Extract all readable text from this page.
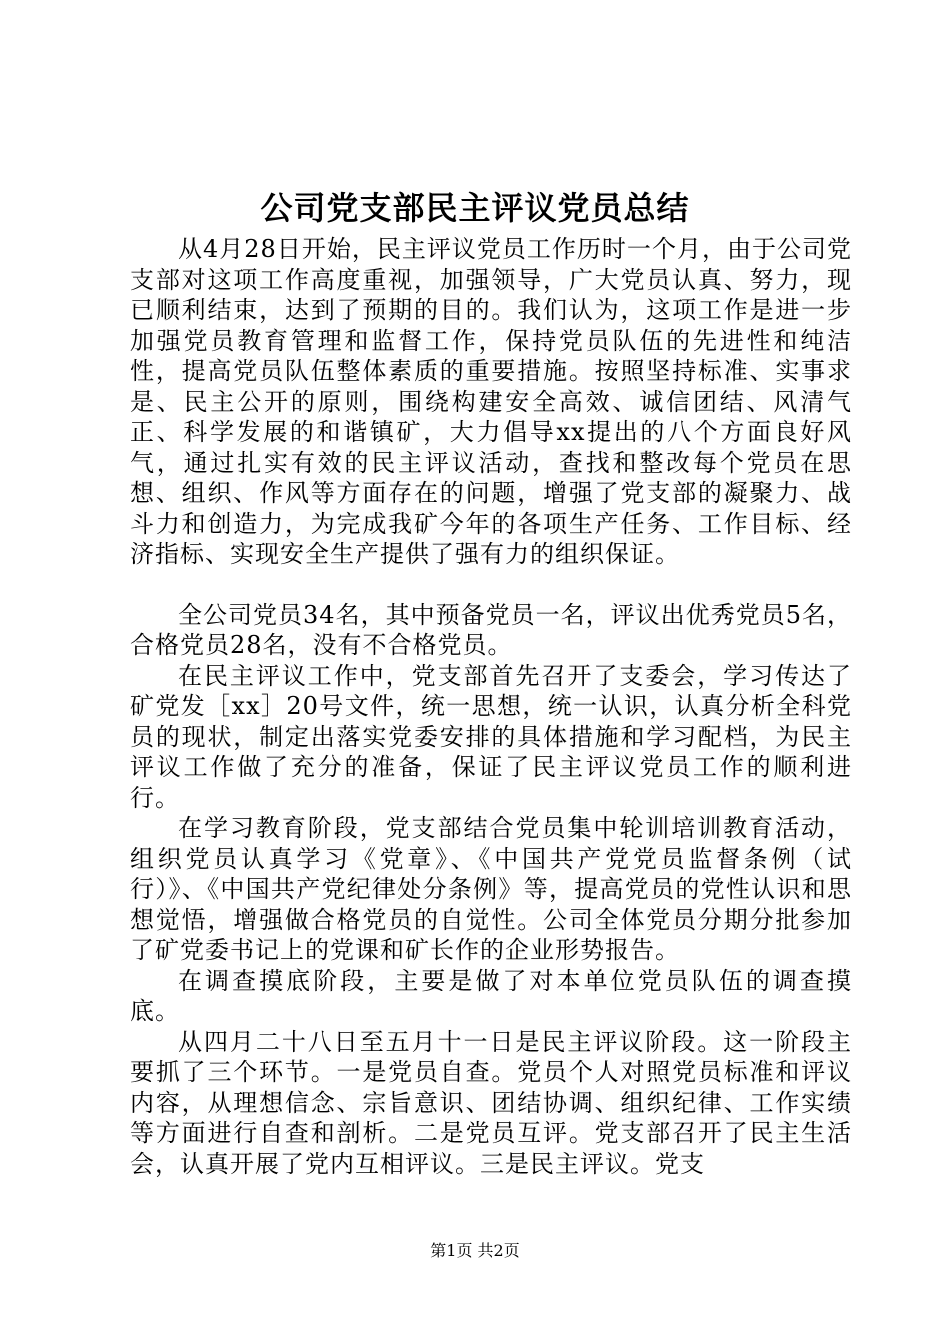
公司党支部民主评议党员总结

从4月28日开始，民主评议党员工作历时一个月，由于公司党支部对这项工作高度重视，加强领导，广大党员认真、努力，现已顺利结束，达到了预期的目的。我们认为，这项工作是进一步加强党员教育管理和监督工作，保持党员队伍的先进性和纯洁性，提高党员队伍整体素质的重要措施。按照坚持标准、实事求是、民主公开的原则，围绕构建安全高效、诚信团结、风清气正、科学发展的和谐镇矿，大力倡导xx提出的八个方面良好风气，通过扎实有效的民主评议活动，查找和整改每个党员在思想、组织、作风等方面存在的问题，增强了党支部的凝聚力、战斗力和创造力，为完成我矿今年的各项生产任务、工作目标、经济指标、实现安全生产提供了强有力的组织保证。

全公司党员34名，其中预备党员一名，评议出优秀党员5名，合格党员28名，没有不合格党员。

在民主评议工作中，党支部首先召开了支委会，学习传达了矿党发［xx］20号文件，统一思想，统一认识，认真分析全科党员的现状，制定出落实党委安排的具体措施和学习配档，为民主评议工作做了充分的准备，保证了民主评议党员工作的顺利进行。

在学习教育阶段，党支部结合党员集中轮训培训教育活动，组织党员认真学习《党章》、《中国共产党党员监督条例（试行）》、《中国共产党纪律处分条例》等，提高党员的党性认识和思想觉悟，增强做合格党员的自觉性。公司全体党员分期分批参加了矿党委书记上的党课和矿长作的企业形势报告。

在调查摸底阶段，主要是做了对本单位党员队伍的调查摸底。

从四月二十八日至五月十一日是民主评议阶段。这一阶段主要抓了三个环节。一是党员自查。党员个人对照党员标准和评议内容，从理想信念、宗旨意识、团结协调、组织纪律、工作实绩等方面进行自查和剖析。二是党员互评。党支部召开了民主生活会，认真开展了党内互相评议。三是民主评议。党支

第1页 共2页
